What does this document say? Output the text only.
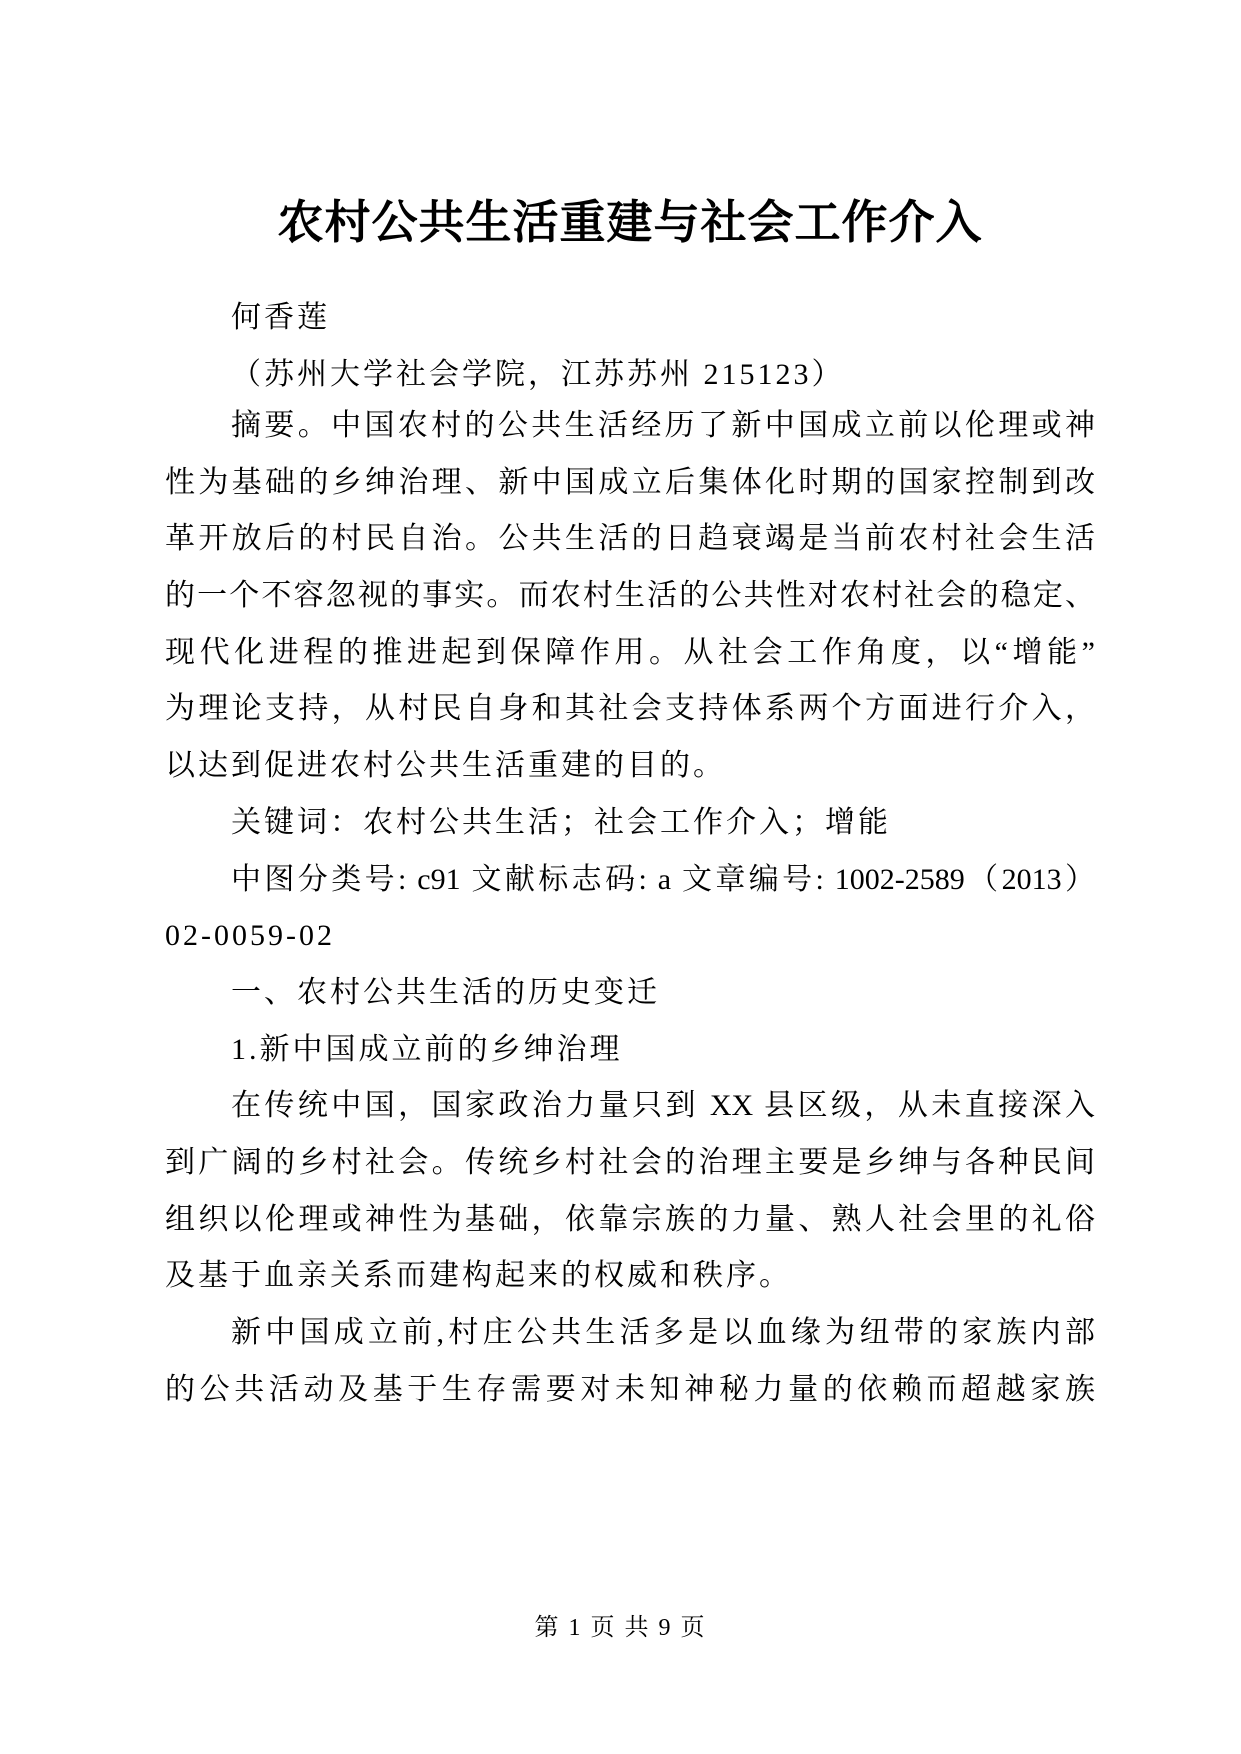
农村公共生活重建与社会工作介入
何香莲
（苏州大学社会学院，江苏苏州 215123）
摘要。中国农村的公共生活经历了新中国成立前以伦理或神
性为基础的乡绅治理、新中国成立后集体化时期的国家控制到改
革开放后的村民自治。公共生活的日趋衰竭是当前农村社会生活
的一个不容忽视的事实。而农村生活的公共性对农村社会的稳定、
现代化进程的推进起到保障作用。从社会工作角度，以“增能”
为理论支持，从村民自身和其社会支持体系两个方面进行介入，
以达到促进农村公共生活重建的目的。
关键词：农村公共生活；社会工作介入；增能
中图分类号: c91 文献标志码: a 文章编号: 1002-2589（2013）
02-0059-02
一、农村公共生活的历史变迁
1.新中国成立前的乡绅治理
在传统中国，国家政治力量只到 XX 县区级，从未直接深入
到广阔的乡村社会。传统乡村社会的治理主要是乡绅与各种民间
组织以伦理或神性为基础，依靠宗族的力量、熟人社会里的礼俗
及基于血亲关系而建构起来的权威和秩序。
新中国成立前,村庄公共生活多是以血缘为纽带的家族内部
的公共活动及基于生存需要对未知神秘力量的依赖而超越家族
第 1 页 共 9 页
